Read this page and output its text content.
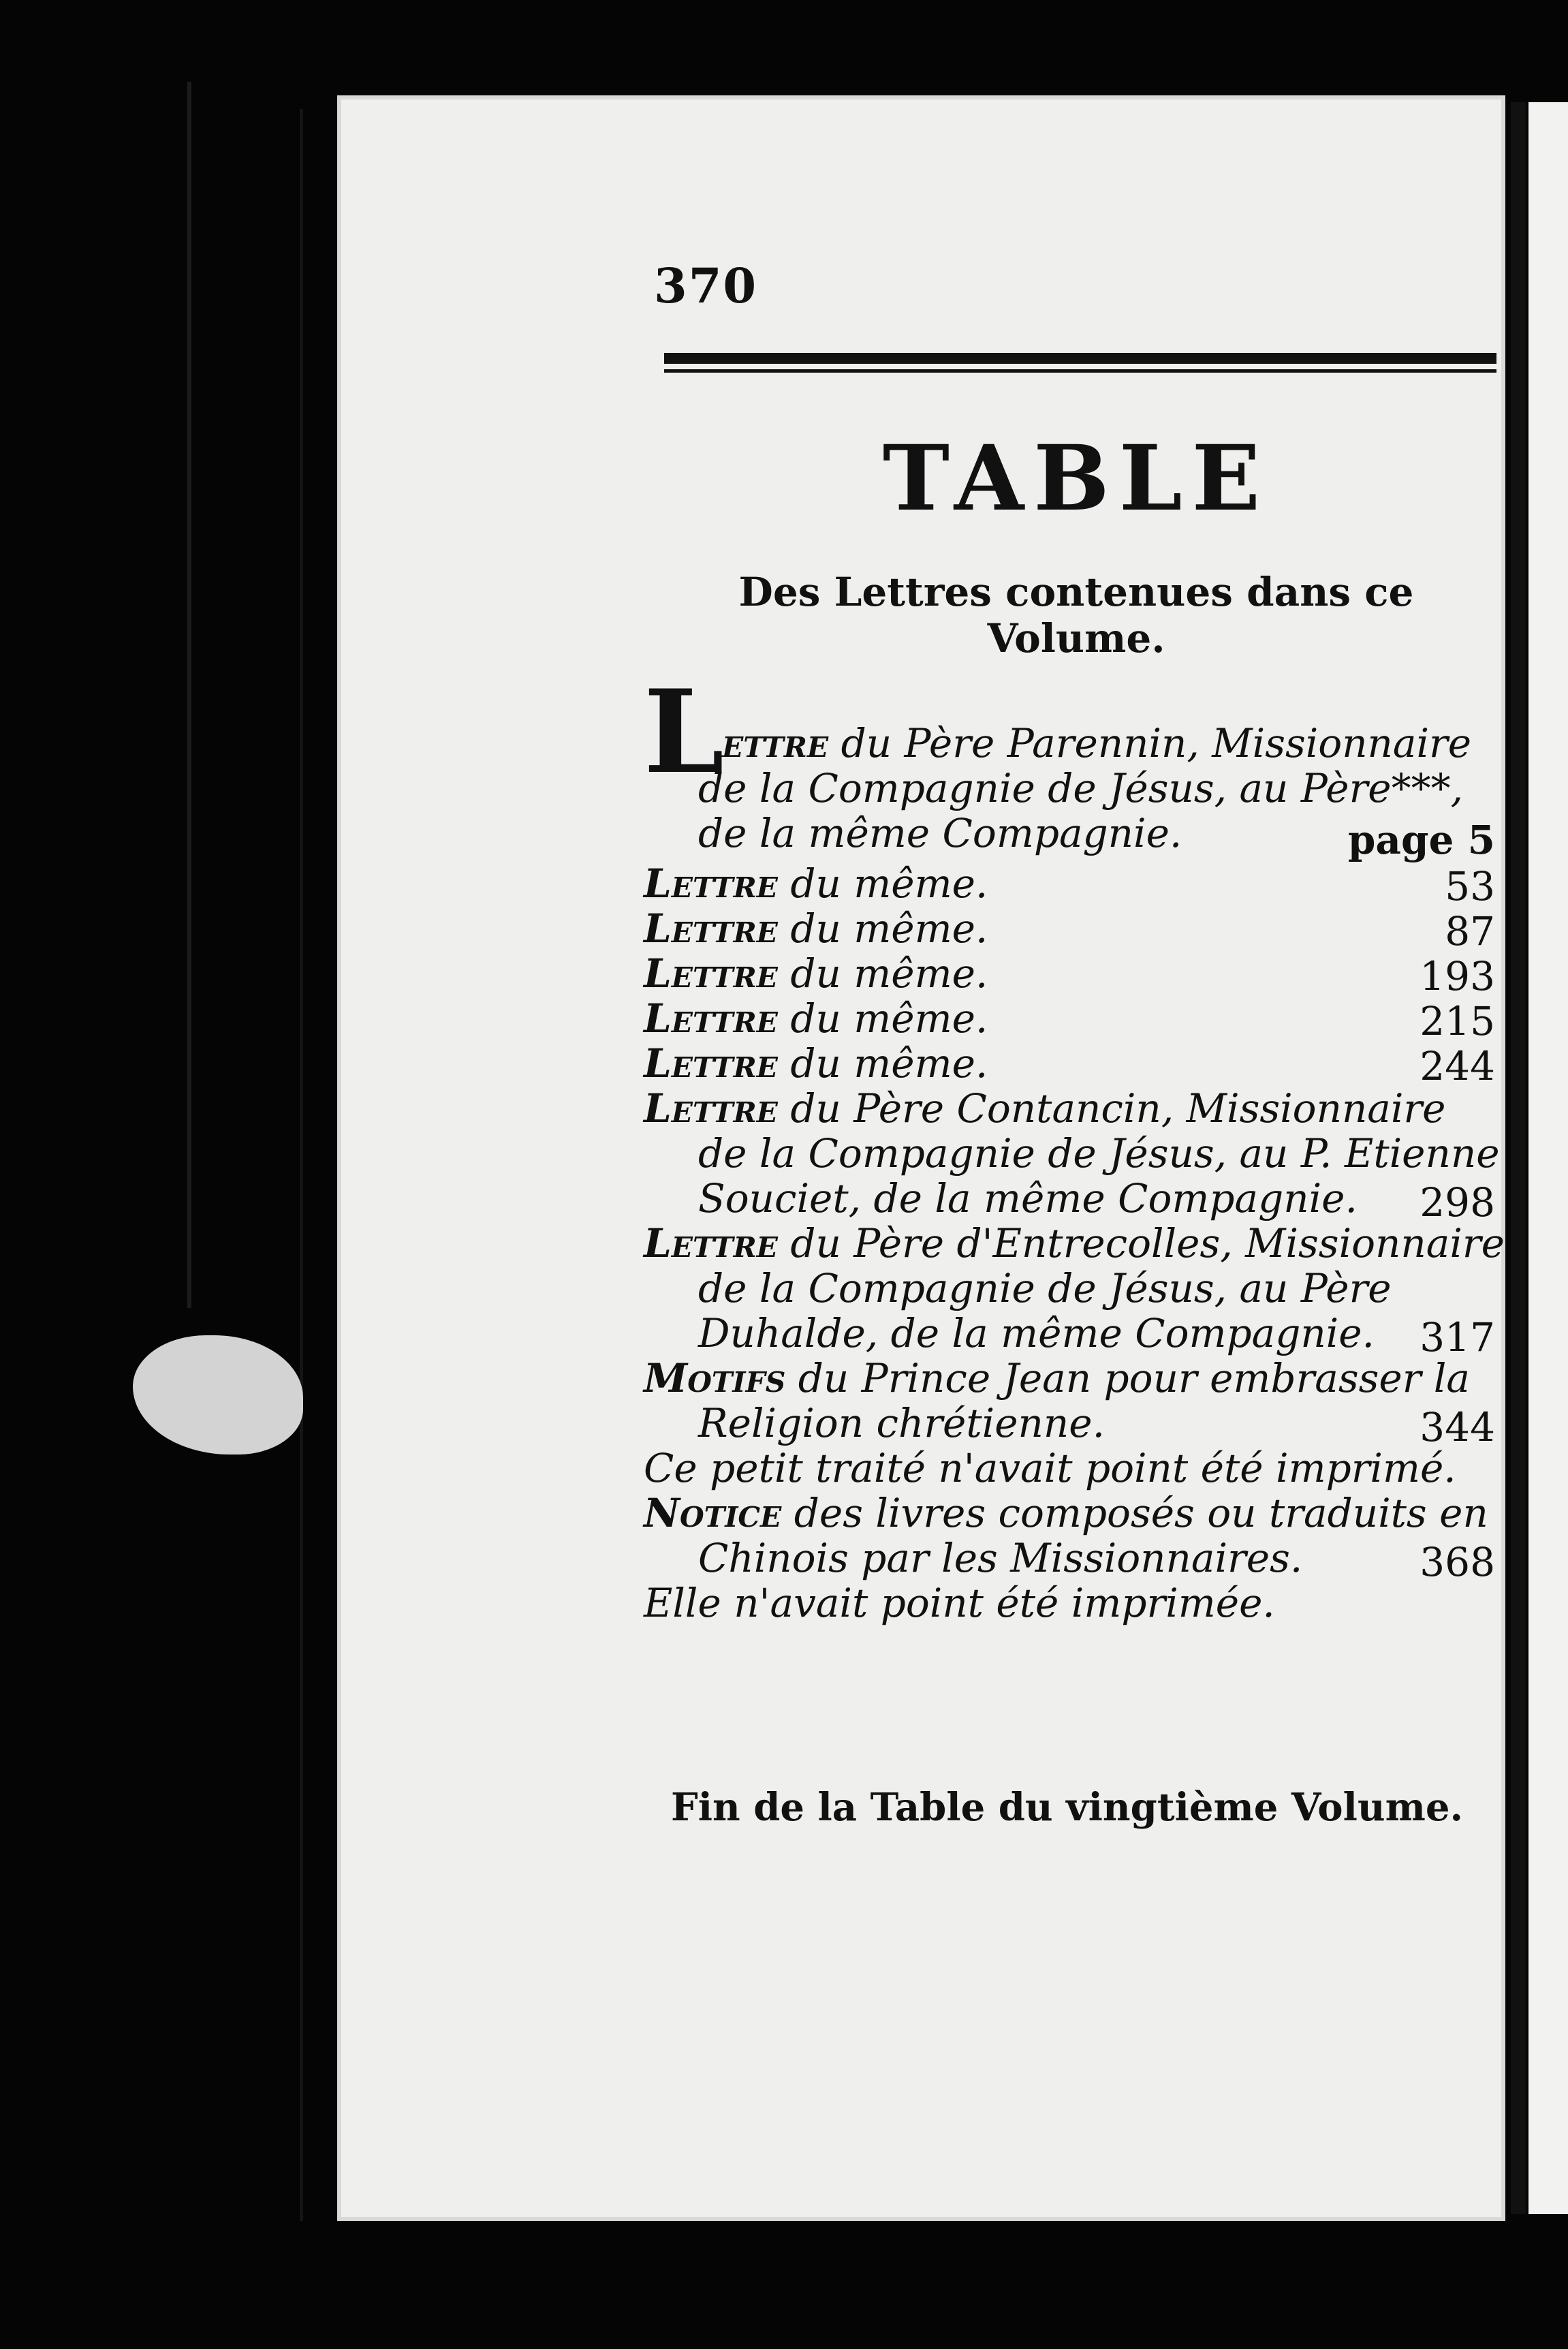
370
TABLE
Des Lettres contenues dans ce Volume.
L
ettre du Père Parennin, Missionnaire
de la Compagnie de Jésus, au Père***,
de la même Compagnie.	page 5
Lettre du même.	53
Lettre du même.	87
Lettre du même.	193
Lettre du même.	215
Lettre du même.	244
Lettre du Père Contancin, Missionnaire
de la Compagnie de Jésus, au P. Etienne
Souciet, de la même Compagnie.	298
Lettre du Père d'Entrecolles, Missionnaire
de la Compagnie de Jésus, au Père
Duhalde, de la même Compagnie.	317
Motifs du Prince Jean pour embrasser la
Religion chrétienne.	344
Ce petit traité n'avait point été imprimé.
Notice des livres composés ou traduits en
Chinois par les Missionnaires.	368
Elle n'avait point été imprimée.
Fin de la Table du vingtième Volume.
